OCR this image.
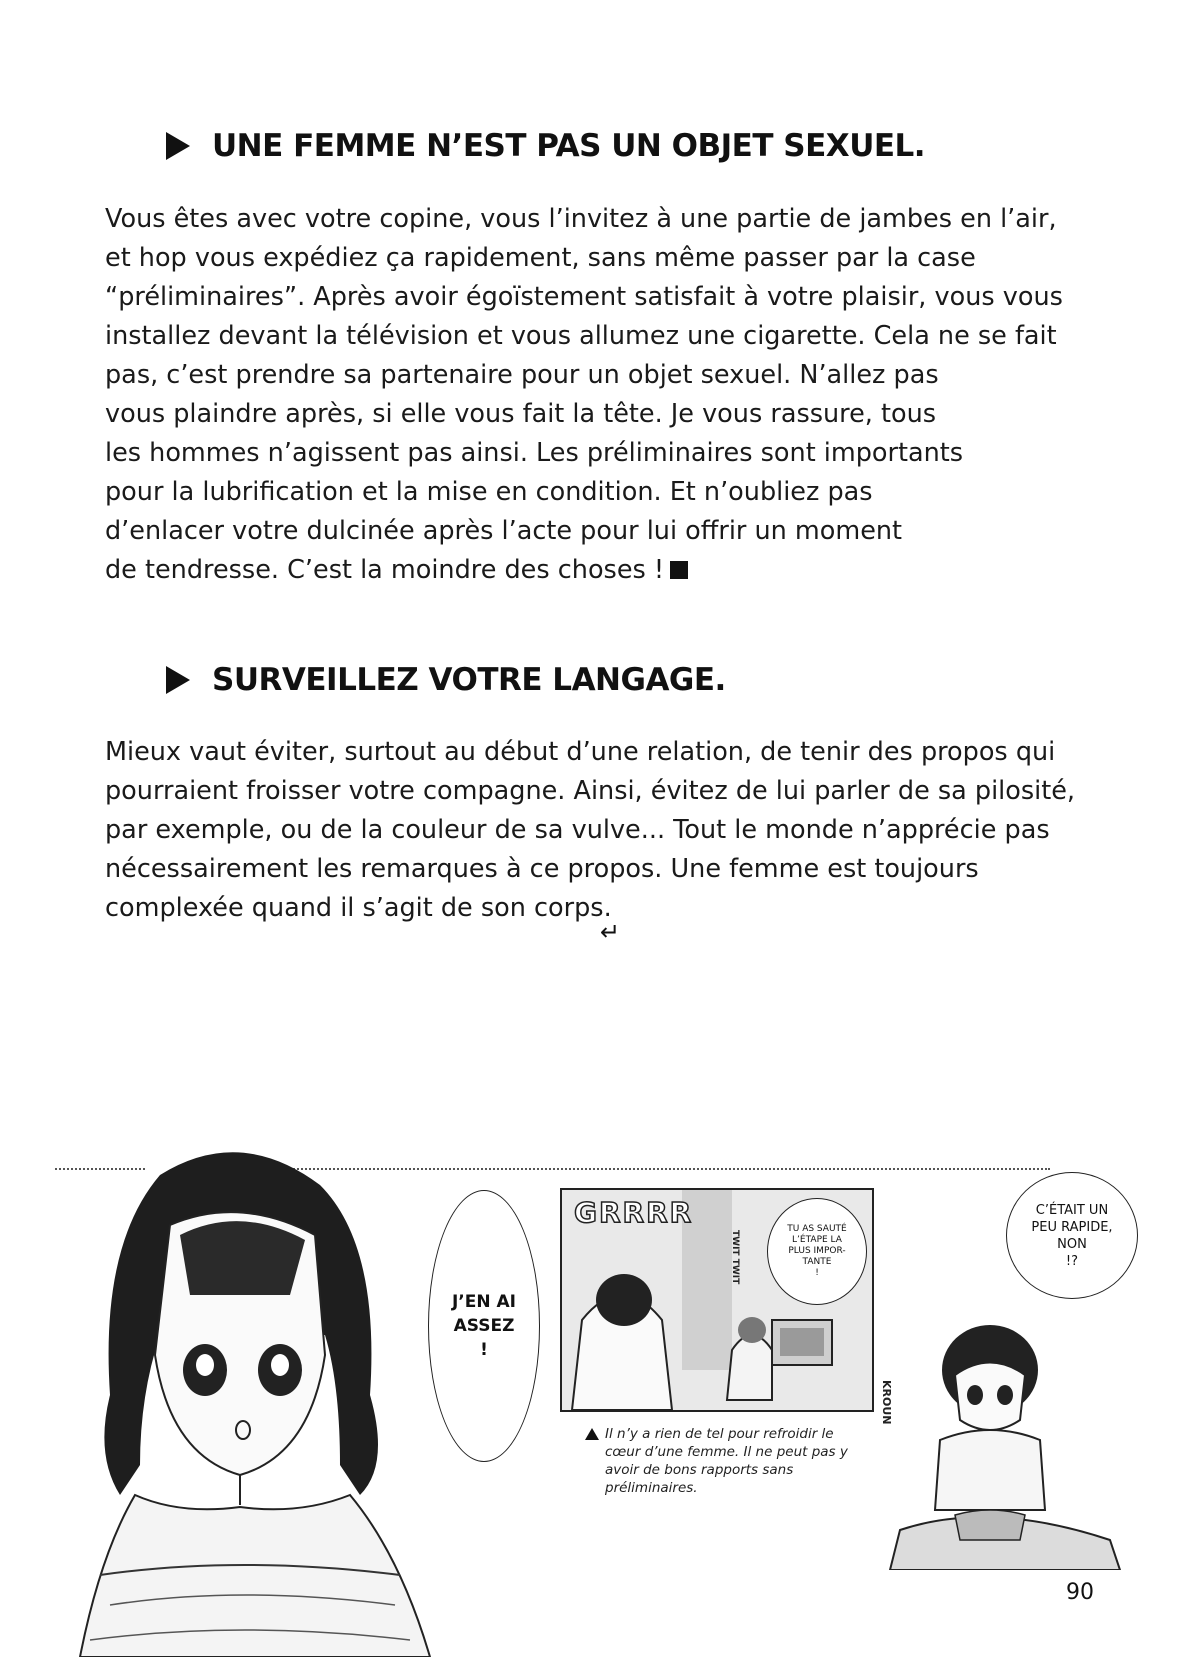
UNE FEMME N’EST PAS UN OBJET SEXUEL.
Vous êtes avec votre copine, vous l’invitez à une partie de jambes en l’air,
et hop vous expédiez ça rapidement, sans même passer par la case
“préliminaires”. Après avoir égoïstement satisfait à votre plaisir, vous vous
installez devant la télévision et vous allumez une cigarette. Cela ne se fait
pas, c’est prendre sa partenaire pour un objet sexuel. N’allez pas
vous plaindre après, si elle vous fait la tête. Je vous rassure, tous
les hommes n’agissent pas ainsi. Les préliminaires sont importants
pour la lubrification et la mise en condition. Et n’oubliez pas
d’enlacer votre dulcinée après l’acte pour lui offrir un moment
de tendresse. C’est la moindre des choses !
SURVEILLEZ VOTRE LANGAGE.
Mieux vaut éviter, surtout au début d’une relation, de tenir des propos qui
pourraient froisser votre compagne. Ainsi, évitez de lui parler de sa pilosité,
par exemple, ou de la couleur de sa vulve... Tout le monde n’apprécie pas
nécessairement les remarques à ce propos. Une femme est toujours
complexée quand il s’agit de son corps.
↵
J’EN AI
ASSEZ
!
GRRRR
TWIT TWIT
TU AS SAUTÉ
L’ÉTAPE LA
PLUS IMPOR-
TANTE
!
Il n’y a rien de tel pour refroidir le cœur d’une femme. Il ne peut pas y avoir de bons rapports sans préliminaires.
C’ÉTAIT UN
PEU RAPIDE,
NON
!?
KROUN
90
